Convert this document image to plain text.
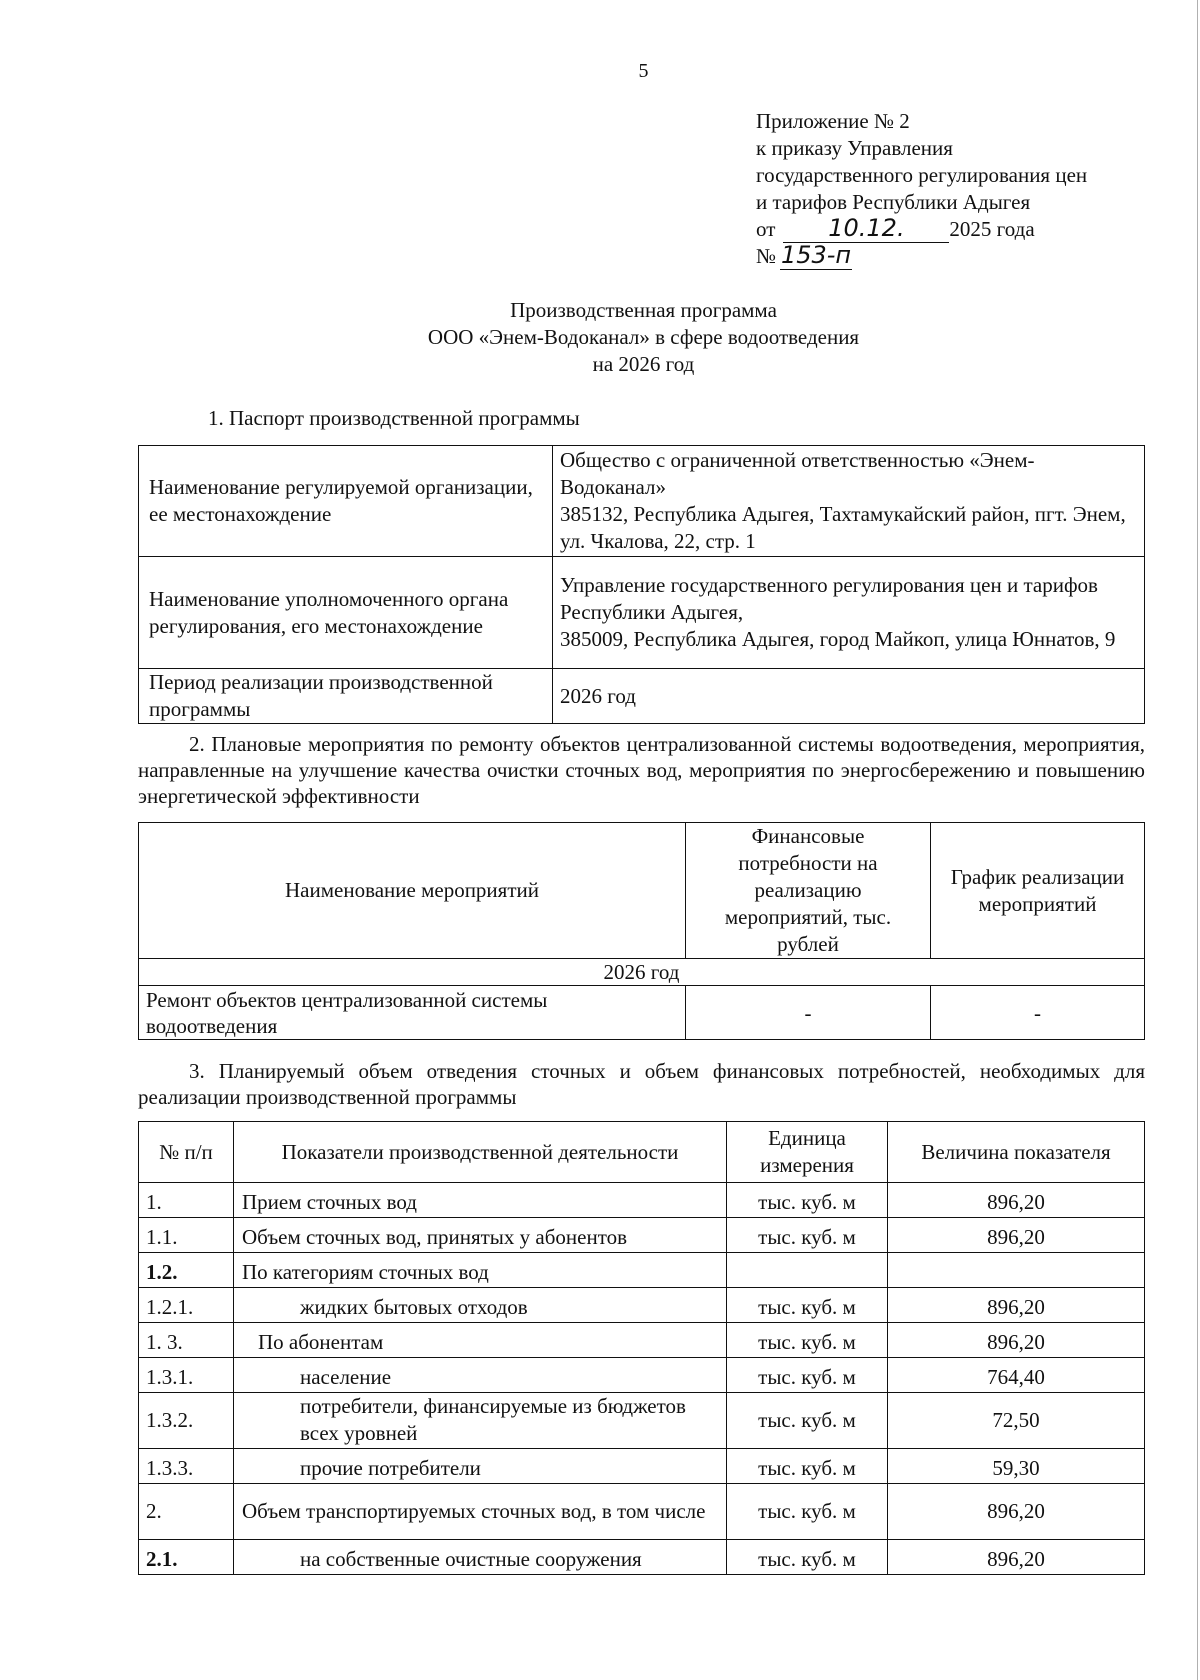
5
Приложение № 2
к приказу Управления
государственного регулирования цен
и тарифов Республики Адыгея
от 10.12. 2025 года
№ 153-п
Производственная программа
ООО «Энем-Водоканал» в сфере водоотведения
на 2026 год
1. Паспорт производственной программы
Наименование регулируемой организации, ее местонахождение	Общество с ограниченной ответственностью «Энем-Водоканал»
385132, Республика Адыгея, Тахтамукайский район, пгт. Энем, ул. Чкалова, 22, стр. 1

Наименование уполномоченного органа регулирования, его местонахождение	Управление государственного регулирования цен и тарифов Республики Адыгея,
385009, Республика Адыгея, город Майкоп, улица Юннатов, 9

Период реализации производственной программы	2026 год
2. Плановые мероприятия по ремонту объектов централизованной системы водоотведения, мероприятия, направленные на улучшение качества очистки сточных вод, мероприятия по энергосбережению и повышению энергетической эффективности
Наименование мероприятий	Финансовые потребности на реализацию мероприятий, тыс. рублей	График реализации мероприятий
2026 год		
Ремонт объектов централизованной системы водоотведения	-	-
3. Планируемый объем отведения сточных и объем финансовых потребностей, необходимых для реализации производственной программы
№ п/п	Показатели производственной деятельности	Единица измерения	Величина показателя
1.	Прием сточных вод	тыс. куб. м	896,20
1.1.	Объем сточных вод, принятых у абонентов	тыс. куб. м	896,20
1.2.	По категориям сточных вод		
1.2.1.	жидких бытовых отходов	тыс. куб. м	896,20
1. 3.	По абонентам	тыс. куб. м	896,20
1.3.1.	население	тыс. куб. м	764,40
1.3.2.	потребители, финансируемые из бюджетов всех уровней	тыс. куб. м	72,50
1.3.3.	прочие потребители	тыс. куб. м	59,30
2.	Объем транспортируемых сточных вод, в том числе	тыс. куб. м	896,20
2.1.	на собственные очистные сооружения	тыс. куб. м	896,20
